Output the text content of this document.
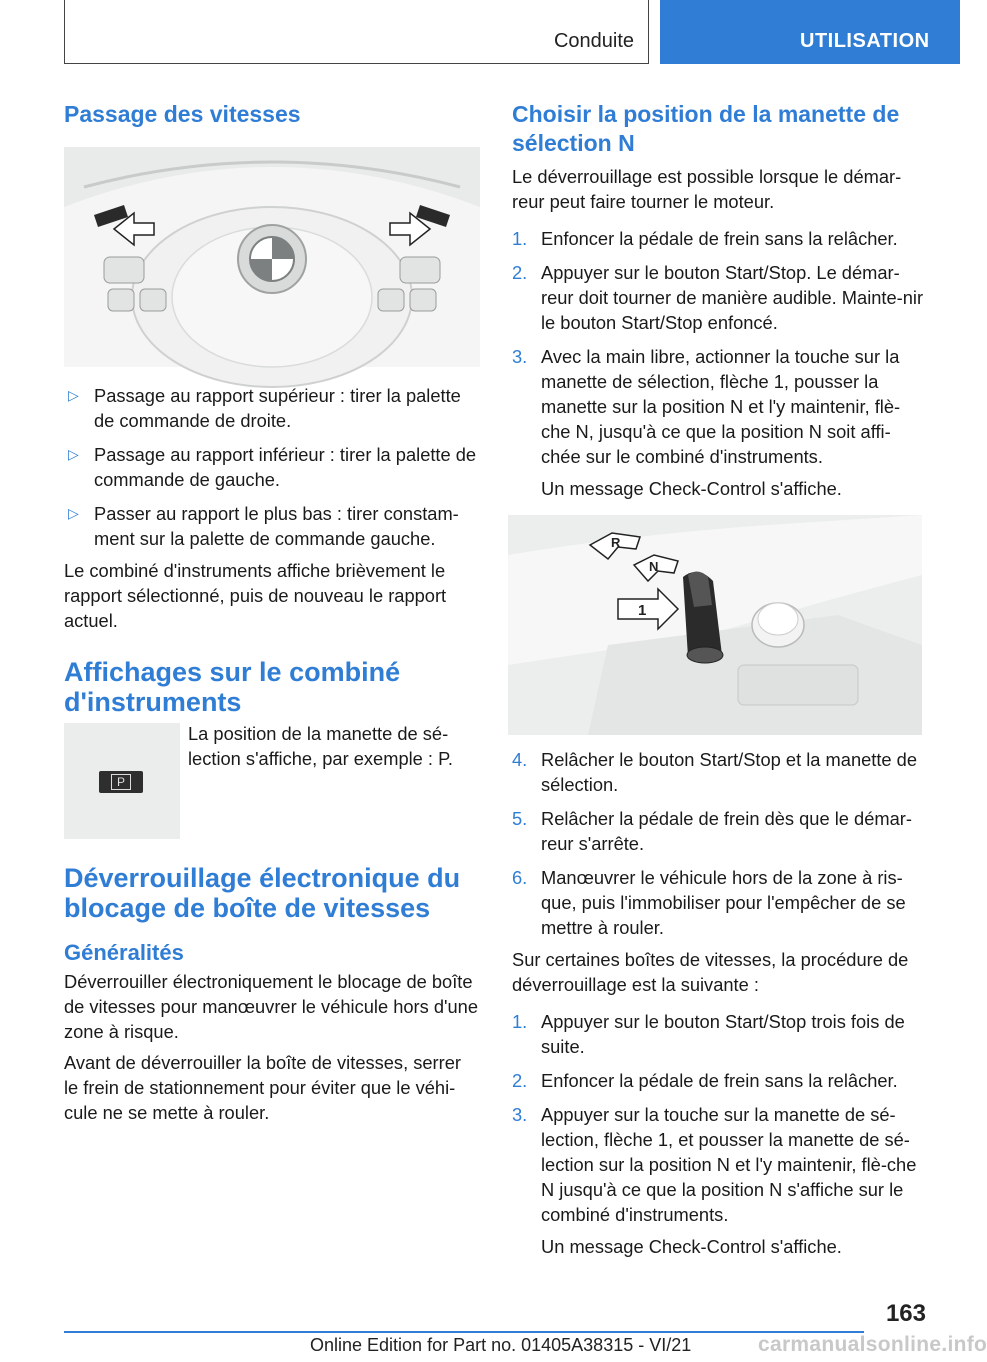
Conduite	UTILISATION
Passage des vitesses
▷ Passage au rapport supérieur : tirer la palette de commande de droite.
▷ Passage au rapport inférieur : tirer la palette de commande de gauche.
▷ Passer au rapport le plus bas : tirer constam-ment sur la palette de commande gauche.

Le combiné d'instruments affiche brièvement le rapport sélectionné, puis de nouveau le rapport actuel.

Affichages sur le combiné d'instruments
P

La position de la manette de sé-lection s'affiche, par exemple : P.

Déverrouillage électronique du blocage de boîte de vitesses
Généralités

Déverrouiller électroniquement le blocage de boîte de vitesses pour manœuvrer le véhicule hors d'une zone à risque.

Avant de déverrouiller la boîte de vitesses, serrer le frein de stationnement pour éviter que le véhi-cule ne se mette à rouler.

Choisir la position de la manette de sélection N

Le déverrouillage est possible lorsque le démar-reur peut faire tourner le moteur.

1. Enfoncer la pédale de frein sans la relâcher.
2. Appuyer sur le bouton Start/Stop. Le démar-reur doit tourner de manière audible. Mainte-nir le bouton Start/Stop enfoncé.
3. Avec la main libre, actionner la touche sur la manette de sélection, flèche 1, pousser la manette sur la position N et l'y maintenir, flè-che N, jusqu'à ce que la position N soit affi-chée sur le combiné d'instruments.
Un message Check-Control s'affiche.
R
N
1
4. Relâcher le bouton Start/Stop et la manette de sélection.
5. Relâcher la pédale de frein dès que le démar-reur s'arrête.
6. Manœuvrer le véhicule hors de la zone à ris-que, puis l'immobiliser pour l'empêcher de se mettre à rouler.

Sur certaines boîtes de vitesses, la procédure de déverrouillage est la suivante :

1. Appuyer sur le bouton Start/Stop trois fois de suite.
2. Enfoncer la pédale de frein sans la relâcher.
3. Appuyer sur la touche sur la manette de sé-lection, flèche 1, et pousser la manette de sé-lection sur la position N et l'y maintenir, flè-che N jusqu'à ce que la position N s'affiche sur le combiné d'instruments.
Un message Check-Control s'affiche.
163
Online Edition for Part no. 01405A38315 - VI/21	carmanualsonline.info
